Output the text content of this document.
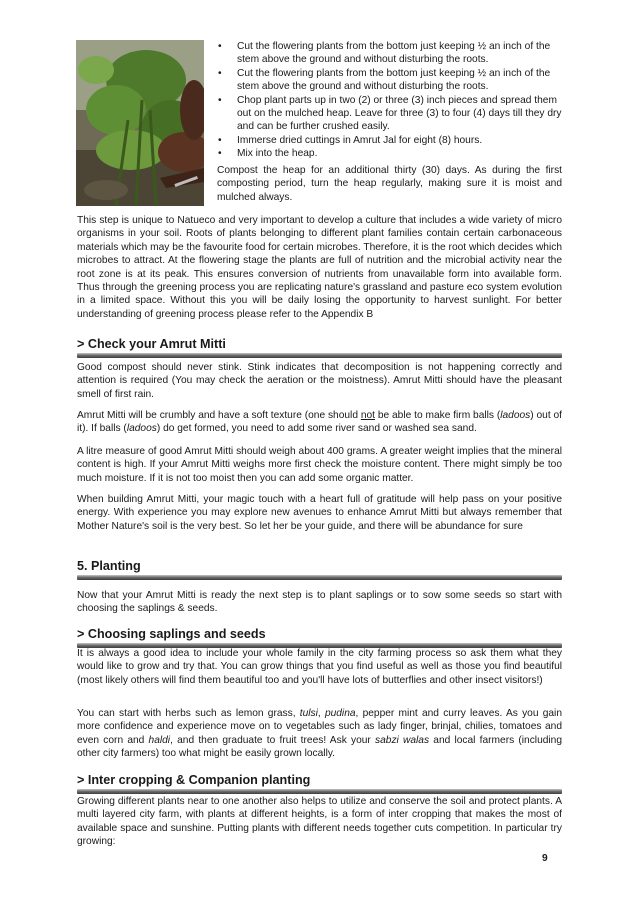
• Cut the flowering plants from the bottom just keeping ½ an inch of the stem above the ground and without disturbing the roots.
• Cut the flowering plants from the bottom just keeping ½ an inch of the stem above the ground and without disturbing the roots.
• Chop plant parts up in two (2) or three (3) inch pieces and spread them out on the mulched heap. Leave for three (3) to four (4) days till they dry and can be further crushed easily.
• Immerse dried cuttings in Amrut Jal for eight (8) hours.
• Mix into the heap.

Compost the heap for an additional thirty (30) days. As during the first composting period, turn the heap regularly, making sure it is moist and mulched always.

This step is unique to Natueco and very important to develop a culture that includes a wide variety of micro organisms in your soil. Roots of plants belonging to different plant families contain certain carbonaceous materials which may be the favourite food for certain microbes. Therefore, it is the root which decides which microbes to attract. At the flowering stage the plants are full of nutrition and the microbial activity near the root zone is at its peak. This ensures conversion of nutrients from unavailable form into available form. Thus through the greening process you are replicating nature's grassland and pasture eco system evolution in a limited space. Without this you will be daily losing the opportunity to harvest sunlight. For better understanding of greening process please refer to the Appendix B

> Check your Amrut Mitti

Good compost should never stink. Stink indicates that decomposition is not happening correctly and attention is required (You may check the aeration or the moistness). Amrut Mitti should have the pleasant smell of first rain.

Amrut Mitti will be crumbly and have a soft texture (one should not be able to make firm balls (ladoos) out of it). If balls (ladoos) do get formed, you need to add some river sand or washed sea sand.

A litre measure of good Amrut Mitti should weigh about 400 grams. A greater weight implies that the mineral content is high. If your Amrut Mitti weighs more first check the moisture content. There might simply be too much moisture. If it is not too moist then you can add some organic matter.

When building Amrut Mitti, your magic touch with a heart full of gratitude will help pass on your positive energy. With experience you may explore new avenues to enhance Amrut Mitti but always remember that Mother Nature's soil is the very best. So let her be your guide, and there will be abundance for sure

5. Planting

Now that your Amrut Mitti is ready the next step is to plant saplings or to sow some seeds so start with choosing the saplings & seeds.

> Choosing saplings and seeds

It is always a good idea to include your whole family in the city farming process so ask them what they would like to grow and try that. You can grow things that you find useful as well as those you find beautiful (most likely others will find them beautiful too and you'll have lots of butterflies and other insect visitors!)

You can start with herbs such as lemon grass, tulsi, pudina, pepper mint and curry leaves. As you gain more confidence and experience move on to vegetables such as lady finger, brinjal, chilies, tomatoes and even corn and haldi, and then graduate to fruit trees! Ask your sabzi walas and local farmers (including other city farmers) too what might be easily grown locally.

> Inter cropping & Companion planting

Growing different plants near to one another also helps to utilize and conserve the soil and protect plants. A multi layered city farm, with plants at different heights, is a form of inter cropping that makes the most of available space and sunshine. Putting plants with different needs together cuts competition. In particular try growing:

9
